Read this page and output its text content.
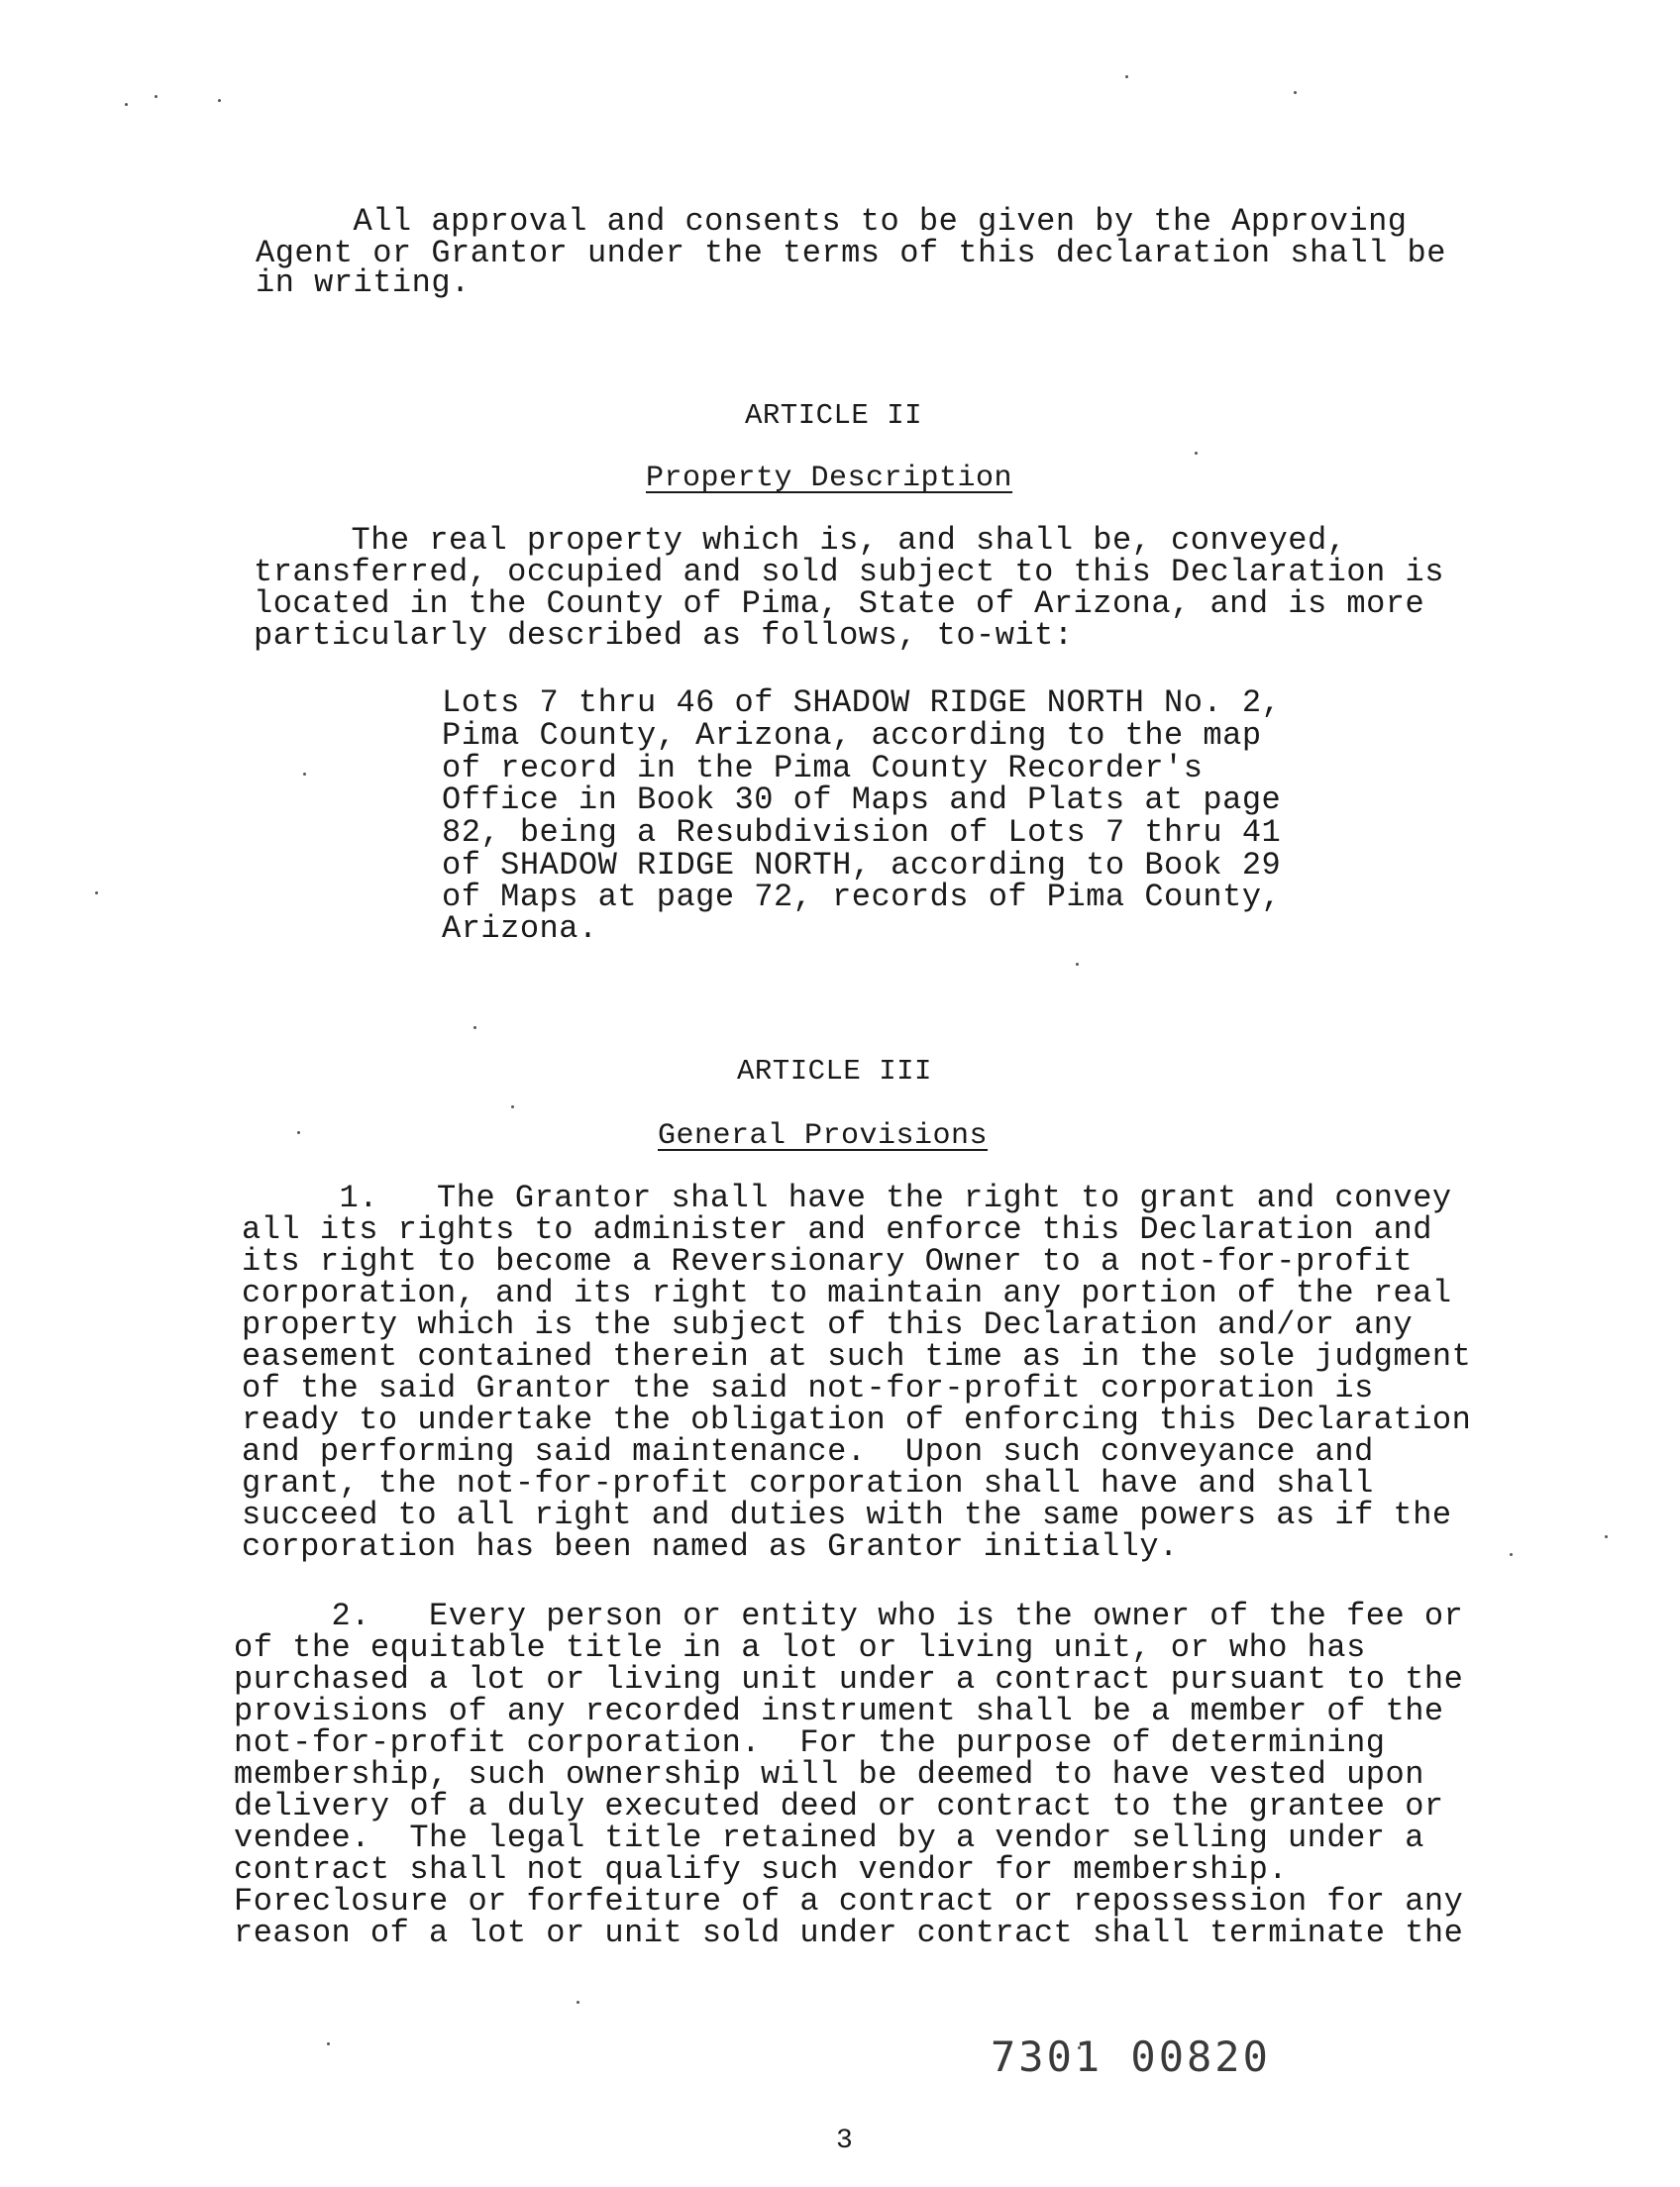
All approval and consents to be given by the Approving
Agent or Grantor under the terms of this declaration shall be
in writing.
ARTICLE II
Property Description
The real property which is, and shall be, conveyed,
transferred, occupied and sold subject to this Declaration is
located in the County of Pima, State of Arizona, and is more
particularly described as follows, to-wit:
Lots 7 thru 46 of SHADOW RIDGE NORTH No. 2,
Pima County, Arizona, according to the map
of record in the Pima County Recorder's
Office in Book 30 of Maps and Plats at page
82, being a Resubdivision of Lots 7 thru 41
of SHADOW RIDGE NORTH, according to Book 29
of Maps at page 72, records of Pima County,
Arizona.
ARTICLE III
General Provisions
1.   The Grantor shall have the right to grant and convey
all its rights to administer and enforce this Declaration and
its right to become a Reversionary Owner to a not-for-profit
corporation, and its right to maintain any portion of the real
property which is the subject of this Declaration and/or any
easement contained therein at such time as in the sole judgment
of the said Grantor the said not-for-profit corporation is
ready to undertake the obligation of enforcing this Declaration
and performing said maintenance.  Upon such conveyance and
grant, the not-for-profit corporation shall have and shall
succeed to all right and duties with the same powers as if the
corporation has been named as Grantor initially.
2.   Every person or entity who is the owner of the fee or
of the equitable title in a lot or living unit, or who has
purchased a lot or living unit under a contract pursuant to the
provisions of any recorded instrument shall be a member of the
not-for-profit corporation.  For the purpose of determining
membership, such ownership will be deemed to have vested upon
delivery of a duly executed deed or contract to the grantee or
vendee.  The legal title retained by a vendor selling under a
contract shall not qualify such vendor for membership.
Foreclosure or forfeiture of a contract or repossession for any
reason of a lot or unit sold under contract shall terminate the
7301 00820
3
